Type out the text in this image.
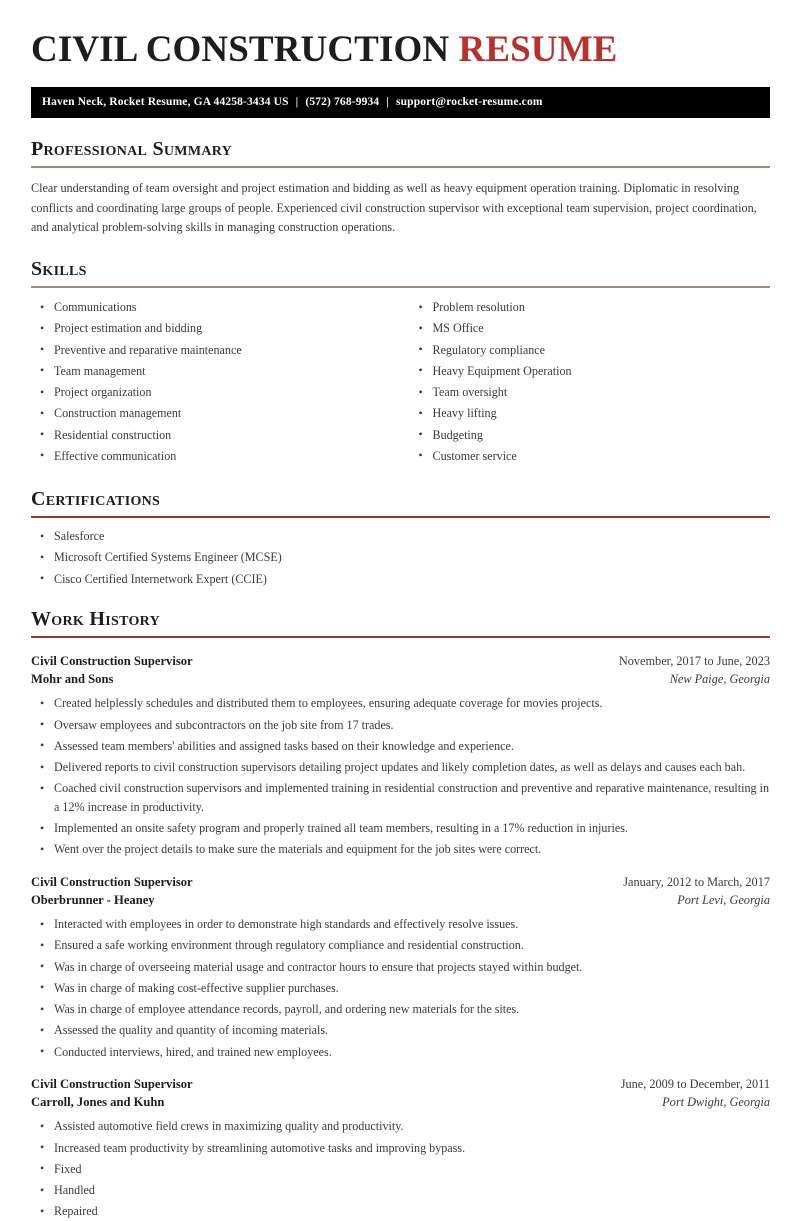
CIVIL CONSTRUCTION RESUME
Haven Neck, Rocket Resume, GA 44258-3434 US | (572) 768-9934 | support@rocket-resume.com
Professional Summary

Clear understanding of team oversight and project estimation and bidding as well as heavy equipment operation training. Diplomatic in resolving conflicts and coordinating large groups of people. Experienced civil construction supervisor with exceptional team supervision, project coordination, and analytical problem-solving skills in managing construction operations.

Skills
• Communications
• Project estimation and bidding
• Preventive and reparative maintenance
• Team management
• Project organization
• Construction management
• Residential construction
• Effective communication
• Problem resolution
• MS Office
• Regulatory compliance
• Heavy Equipment Operation
• Team oversight
• Heavy lifting
• Budgeting
• Customer service
Certifications
• Salesforce
• Microsoft Certified Systems Engineer (MCSE)
• Cisco Certified Internetwork Expert (CCIE)
Work History
Civil Construction Supervisor	November, 2017 to June, 2023
Mohr and Sons	New Paige, Georgia
• Created helplessly schedules and distributed them to employees, ensuring adequate coverage for movies projects.
• Oversaw employees and subcontractors on the job site from 17 trades.
• Assessed team members' abilities and assigned tasks based on their knowledge and experience.
• Delivered reports to civil construction supervisors detailing project updates and likely completion dates, as well as delays and causes each bah.
• Coached civil construction supervisors and implemented training in residential construction and preventive and reparative maintenance, resulting in a 12% increase in productivity.
• Implemented an onsite safety program and properly trained all team members, resulting in a 17% reduction in injuries.
• Went over the project details to make sure the materials and equipment for the job sites were correct.
Civil Construction Supervisor	January, 2012 to March, 2017
Oberbrunner - Heaney	Port Levi, Georgia
• Interacted with employees in order to demonstrate high standards and effectively resolve issues.
• Ensured a safe working environment through regulatory compliance and residential construction.
• Was in charge of overseeing material usage and contractor hours to ensure that projects stayed within budget.
• Was in charge of making cost-effective supplier purchases.
• Was in charge of employee attendance records, payroll, and ordering new materials for the sites.
• Assessed the quality and quantity of incoming materials.
• Conducted interviews, hired, and trained new employees.
Civil Construction Supervisor	June, 2009 to December, 2011
Carroll, Jones and Kuhn	Port Dwight, Georgia
• Assisted automotive field crews in maximizing quality and productivity.
• Increased team productivity by streamlining automotive tasks and improving bypass.
• Fixed
• Handled
• Repaired
